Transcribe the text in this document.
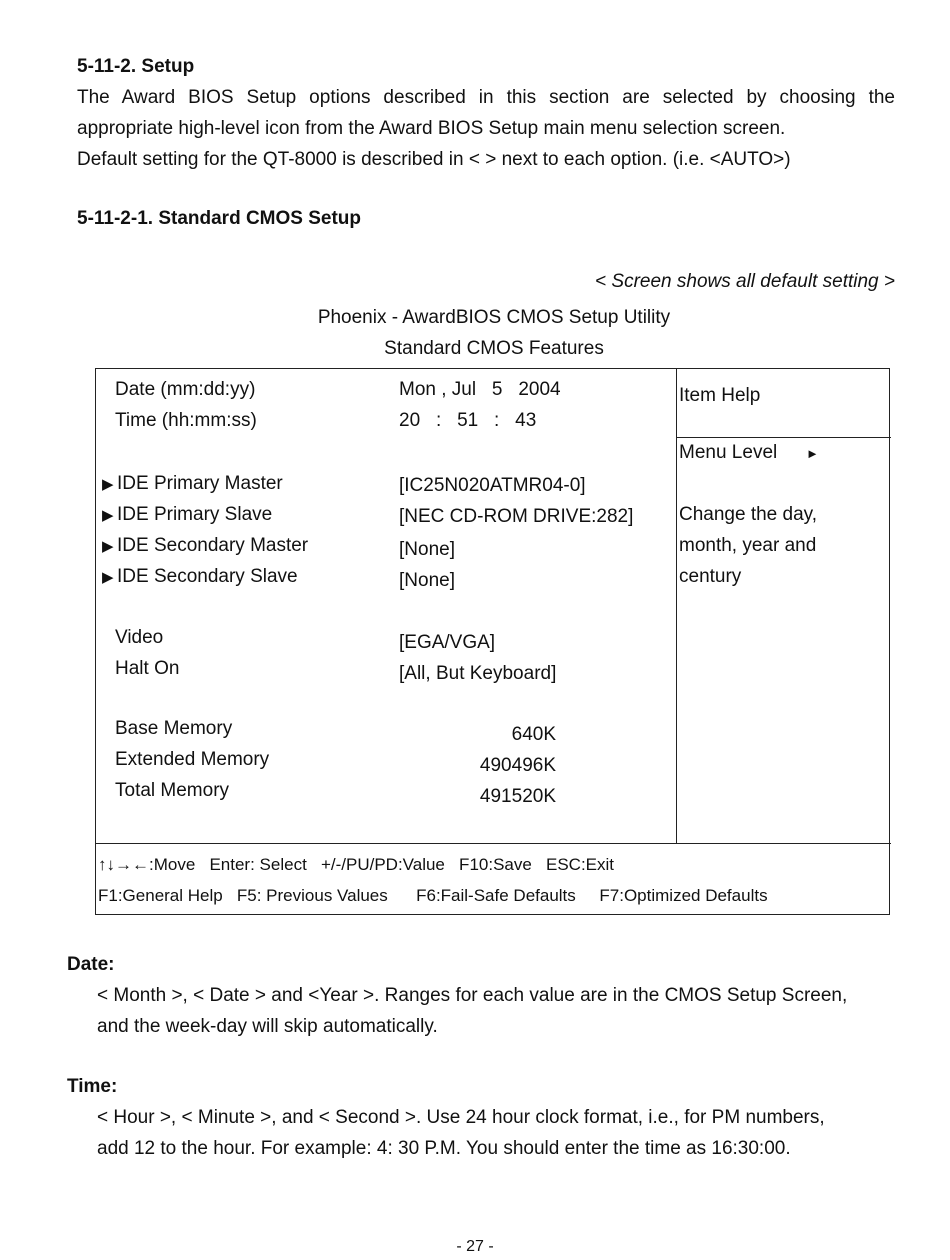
5-11-2. Setup
The Award BIOS Setup options described in this section are selected by choosing the
appropriate high-level icon from the Award BIOS Setup main menu selection screen.
Default setting for the QT-8000 is described in < > next to each option. (i.e. <AUTO>)
5-11-2-1. Standard CMOS Setup
< Screen shows all default setting >
Phoenix - AwardBIOS CMOS Setup Utility
Standard CMOS Features
Date (mm:dd:yy)	Mon , Jul   5   2004
Time (hh:mm:ss)	20   :   51   :   43
▶ IDE Primary Master	[IC25N020ATMR04-0]
▶ IDE Primary Slave	[NEC CD-ROM DRIVE:282]
▶ IDE Secondary Master	[None]
▶ IDE Secondary Slave	[None]
Video	[EGA/VGA]
Halt On	[All, But Keyboard]
Base Memory	640K
Extended Memory	490496K
Total Memory	491520K
Item Help
Menu Level ►
Change the day, month, year and century
↑↓→←:Move   Enter: Select   +/-/PU/PD:Value   F10:Save   ESC:Exit
F1:General Help   F5: Previous Values      F6:Fail-Safe Defaults     F7:Optimized Defaults
Date:
< Month >, < Date > and <Year >. Ranges for each value are in the CMOS Setup Screen,
and the week-day will skip automatically.
Time:
< Hour >, < Minute >, and < Second >. Use 24 hour clock format, i.e., for PM numbers,
add 12 to the hour. For example: 4: 30 P.M. You should enter the time as 16:30:00.
- 27 -
